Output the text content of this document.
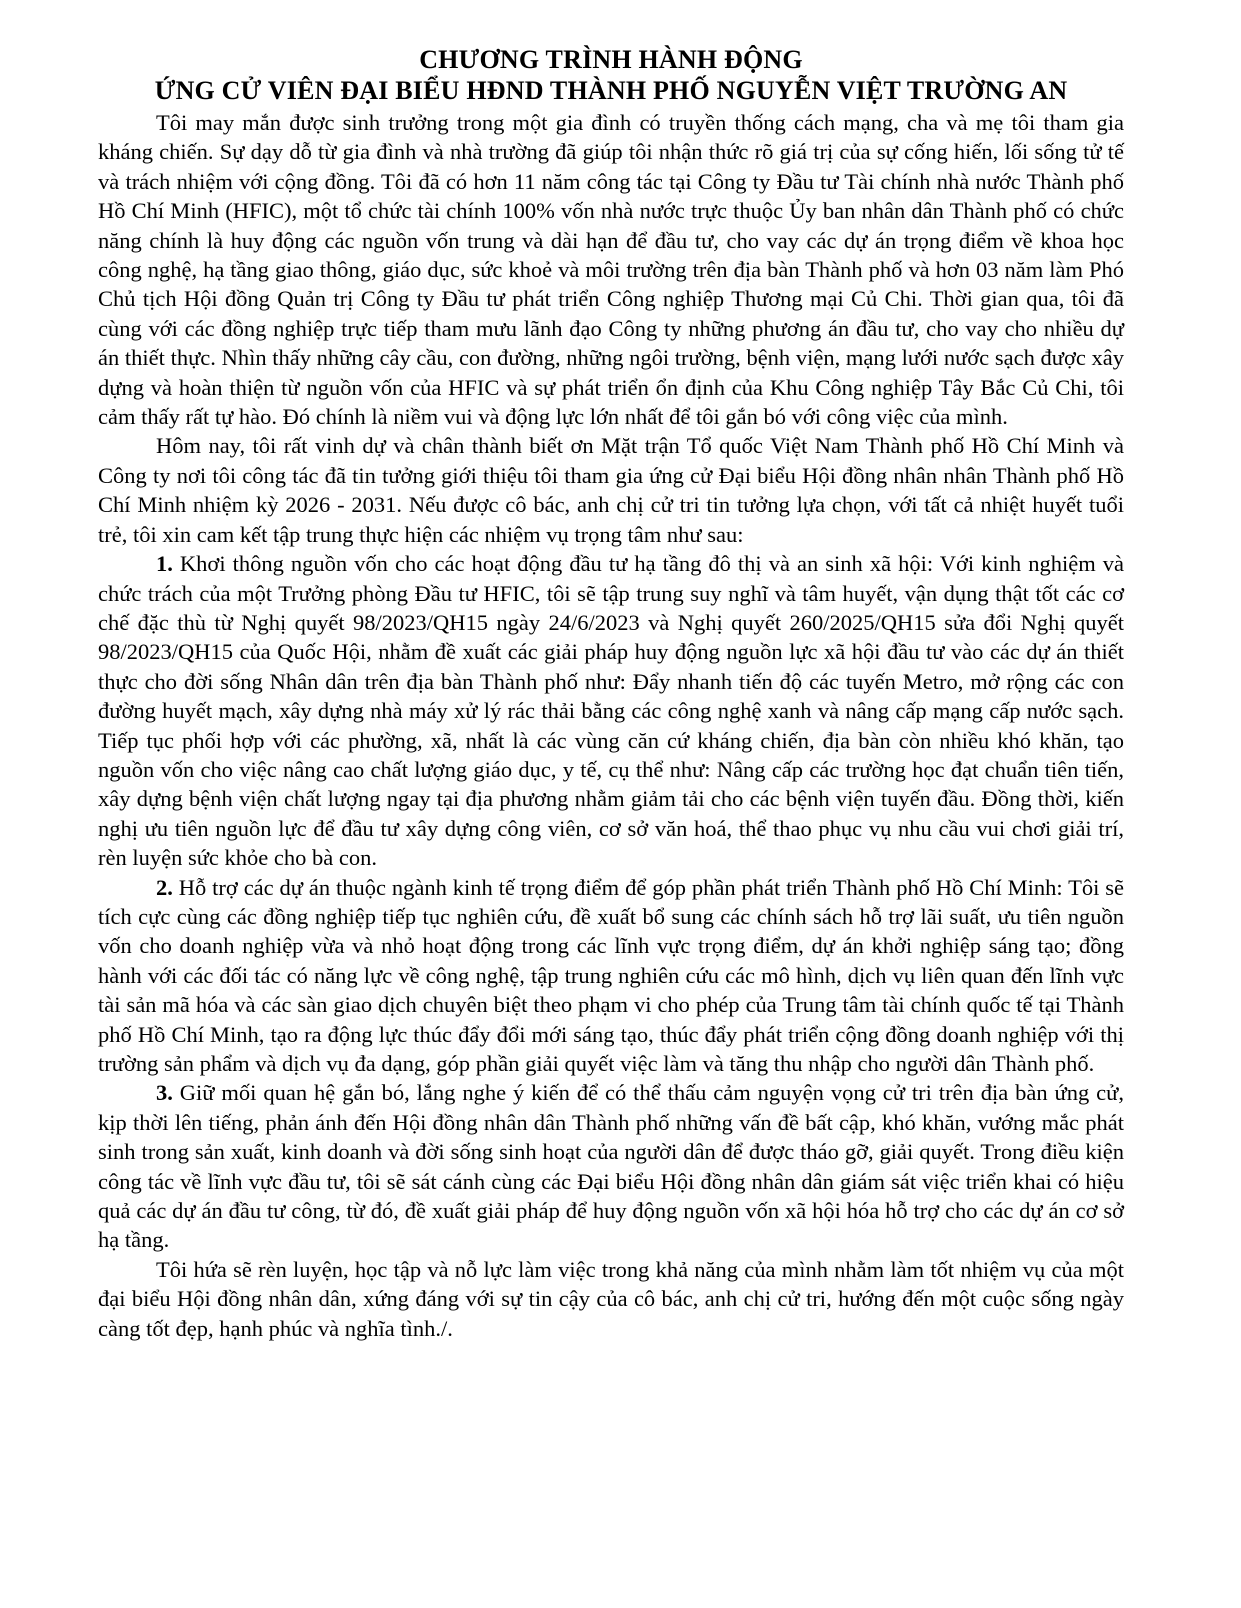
CHƯƠNG TRÌNH HÀNH ĐỘNG
ỨNG CỬ VIÊN ĐẠI BIỂU HĐND THÀNH PHỐ NGUYỄN VIỆT TRƯỜNG AN

Tôi may mắn được sinh trưởng trong một gia đình có truyền thống cách mạng, cha và mẹ tôi tham gia kháng chiến. Sự dạy dỗ từ gia đình và nhà trường đã giúp tôi nhận thức rõ giá trị của sự cống hiến, lối sống tử tế và trách nhiệm với cộng đồng. Tôi đã có hơn 11 năm công tác tại Công ty Đầu tư Tài chính nhà nước Thành phố Hồ Chí Minh (HFIC), một tổ chức tài chính 100% vốn nhà nước trực thuộc Ủy ban nhân dân Thành phố có chức năng chính là huy động các nguồn vốn trung và dài hạn để đầu tư, cho vay các dự án trọng điểm về khoa học công nghệ, hạ tầng giao thông, giáo dục, sức khoẻ và môi trường trên địa bàn Thành phố và hơn 03 năm làm Phó Chủ tịch Hội đồng Quản trị Công ty Đầu tư phát triển Công nghiệp Thương mại Củ Chi. Thời gian qua, tôi đã cùng với các đồng nghiệp trực tiếp tham mưu lãnh đạo Công ty những phương án đầu tư, cho vay cho nhiều dự án thiết thực. Nhìn thấy những cây cầu, con đường, những ngôi trường, bệnh viện, mạng lưới nước sạch được xây dựng và hoàn thiện từ nguồn vốn của HFIC và sự phát triển ổn định của Khu Công nghiệp Tây Bắc Củ Chi, tôi cảm thấy rất tự hào. Đó chính là niềm vui và động lực lớn nhất để tôi gắn bó với công việc của mình.

Hôm nay, tôi rất vinh dự và chân thành biết ơn Mặt trận Tổ quốc Việt Nam Thành phố Hồ Chí Minh và Công ty nơi tôi công tác đã tin tưởng giới thiệu tôi tham gia ứng cử Đại biểu Hội đồng nhân nhân Thành phố Hồ Chí Minh nhiệm kỳ 2026 - 2031. Nếu được cô bác, anh chị cử tri tin tưởng lựa chọn, với tất cả nhiệt huyết tuổi trẻ, tôi xin cam kết tập trung thực hiện các nhiệm vụ trọng tâm như sau:

1. Khơi thông nguồn vốn cho các hoạt động đầu tư hạ tầng đô thị và an sinh xã hội: Với kinh nghiệm và chức trách của một Trưởng phòng Đầu tư HFIC, tôi sẽ tập trung suy nghĩ và tâm huyết, vận dụng thật tốt các cơ chế đặc thù từ Nghị quyết 98/2023/QH15 ngày 24/6/2023 và Nghị quyết 260/2025/QH15 sửa đổi Nghị quyết 98/2023/QH15 của Quốc Hội, nhằm đề xuất các giải pháp huy động nguồn lực xã hội đầu tư vào các dự án thiết thực cho đời sống Nhân dân trên địa bàn Thành phố như: Đẩy nhanh tiến độ các tuyến Metro, mở rộng các con đường huyết mạch, xây dựng nhà máy xử lý rác thải bằng các công nghệ xanh và nâng cấp mạng cấp nước sạch. Tiếp tục phối hợp với các phường, xã, nhất là các vùng căn cứ kháng chiến, địa bàn còn nhiều khó khăn, tạo nguồn vốn cho việc nâng cao chất lượng giáo dục, y tế, cụ thể như: Nâng cấp các trường học đạt chuẩn tiên tiến, xây dựng bệnh viện chất lượng ngay tại địa phương nhằm giảm tải cho các bệnh viện tuyến đầu. Đồng thời, kiến nghị ưu tiên nguồn lực để đầu tư xây dựng công viên, cơ sở văn hoá, thể thao phục vụ nhu cầu vui chơi giải trí, rèn luyện sức khỏe cho bà con.

2. Hỗ trợ các dự án thuộc ngành kinh tế trọng điểm để góp phần phát triển Thành phố Hồ Chí Minh: Tôi sẽ tích cực cùng các đồng nghiệp tiếp tục nghiên cứu, đề xuất bổ sung các chính sách hỗ trợ lãi suất, ưu tiên nguồn vốn cho doanh nghiệp vừa và nhỏ hoạt động trong các lĩnh vực trọng điểm, dự án khởi nghiệp sáng tạo; đồng hành với các đối tác có năng lực về công nghệ, tập trung nghiên cứu các mô hình, dịch vụ liên quan đến lĩnh vực tài sản mã hóa và các sàn giao dịch chuyên biệt theo phạm vi cho phép của Trung tâm tài chính quốc tế tại Thành phố Hồ Chí Minh, tạo ra động lực thúc đẩy đổi mới sáng tạo, thúc đẩy phát triển cộng đồng doanh nghiệp với thị trường sản phẩm và dịch vụ đa dạng, góp phần giải quyết việc làm và tăng thu nhập cho người dân Thành phố.

3. Giữ mối quan hệ gắn bó, lắng nghe ý kiến để có thể thấu cảm nguyện vọng cử tri trên địa bàn ứng cử, kịp thời lên tiếng, phản ánh đến Hội đồng nhân dân Thành phố những vấn đề bất cập, khó khăn, vướng mắc phát sinh trong sản xuất, kinh doanh và đời sống sinh hoạt của người dân để được tháo gỡ, giải quyết. Trong điều kiện công tác về lĩnh vực đầu tư, tôi sẽ sát cánh cùng các Đại biểu Hội đồng nhân dân giám sát việc triển khai có hiệu quả các dự án đầu tư công, từ đó, đề xuất giải pháp để huy động nguồn vốn xã hội hóa hỗ trợ cho các dự án cơ sở hạ tầng.

Tôi hứa sẽ rèn luyện, học tập và nỗ lực làm việc trong khả năng của mình nhằm làm tốt nhiệm vụ của một đại biểu Hội đồng nhân dân, xứng đáng với sự tin cậy của cô bác, anh chị cử tri, hướng đến một cuộc sống ngày càng tốt đẹp, hạnh phúc và nghĩa tình./.
